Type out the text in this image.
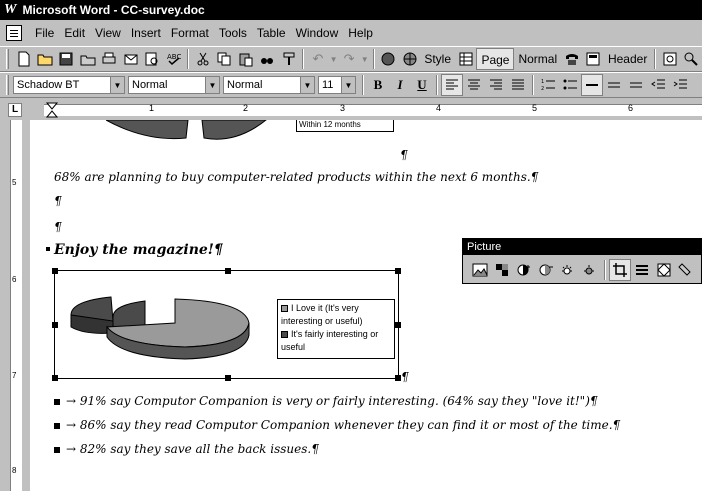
W Microsoft Word - CC-survey.doc
File Edit View Insert Format Tools Table Window Help
ABC	↶ ▼ ↷ ▼	Style	Page Normal	Header
Schadow BT	▼ Normal	▼ Normal	▼ 11	▼	B	I	U	1
2
L	1	2	3	4	5	6
5
6
7
8
Within 12 months
¶
68% are planning to buy computer-related products within the next 6 months.¶
¶
¶
Enjoy the magazine!¶
I Love it (It's very interesting or useful)
It's fairly interesting or useful
¶
→ 91% say Computor Companion is very or fairly interesting. (64% say they "love it!")¶
→ 86% say they read Computor Companion whenever they can find it or most of the time.¶
→ 82% say they save all the back issues.¶
Picture
